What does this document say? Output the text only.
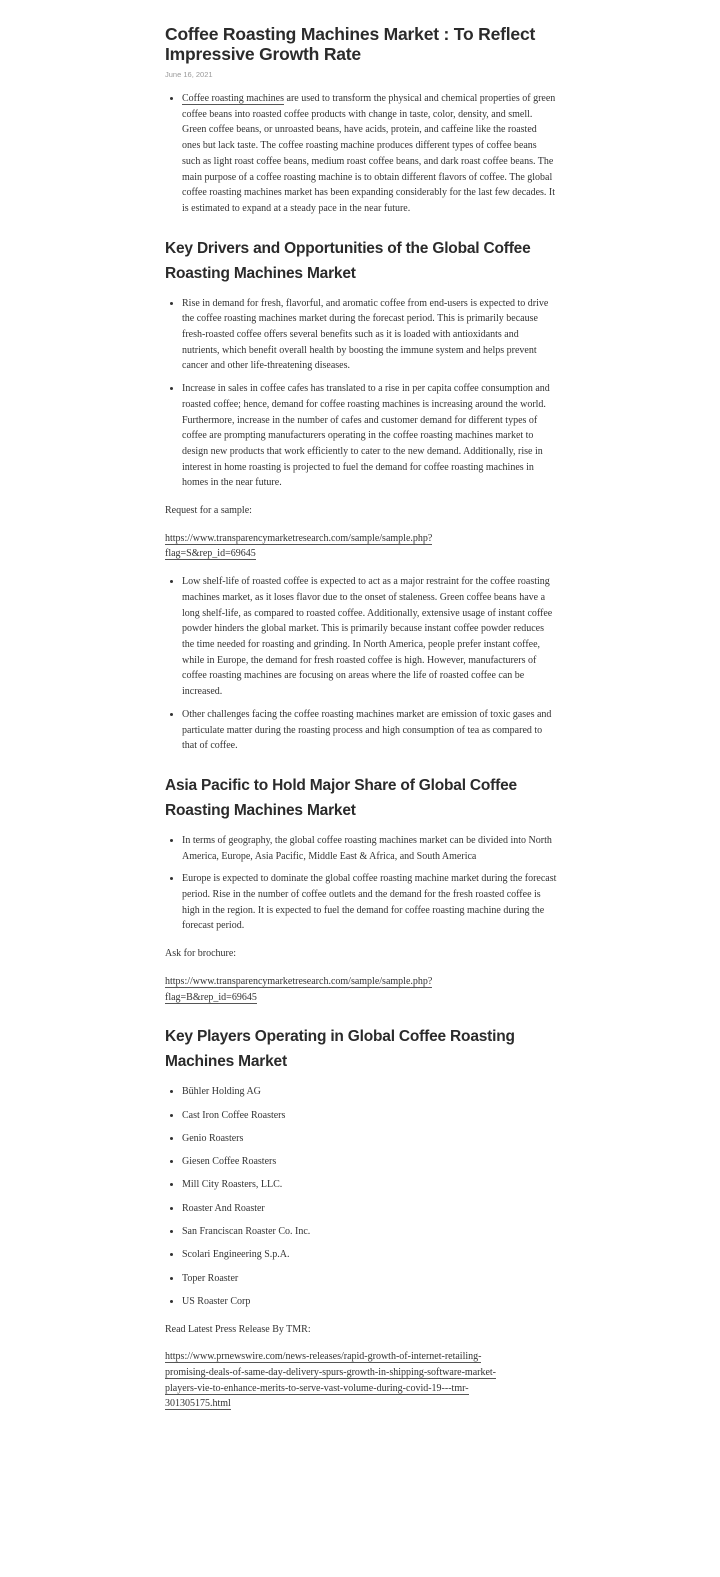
Coffee Roasting Machines Market : To Reflect Impressive Growth Rate
June 16, 2021
• Coffee roasting machines are used to transform the physical and chemical properties of green coffee beans into roasted coffee products with change in taste, color, density, and smell. Green coffee beans, or unroasted beans, have acids, protein, and caffeine like the roasted ones but lack taste. The coffee roasting machine produces different types of coffee beans such as light roast coffee beans, medium roast coffee beans, and dark roast coffee beans. The main purpose of a coffee roasting machine is to obtain different flavors of coffee. The global coffee roasting machines market has been expanding considerably for the last few decades. It is estimated to expand at a steady pace in the near future.
Key Drivers and Opportunities of the Global Coffee Roasting Machines Market
• Rise in demand for fresh, flavorful, and aromatic coffee from end-users is expected to drive the coffee roasting machines market during the forecast period. This is primarily because fresh-roasted coffee offers several benefits such as it is loaded with antioxidants and nutrients, which benefit overall health by boosting the immune system and helps prevent cancer and other life-threatening diseases.
• Increase in sales in coffee cafes has translated to a rise in per capita coffee consumption and roasted coffee; hence, demand for coffee roasting machines is increasing around the world. Furthermore, increase in the number of cafes and customer demand for different types of coffee are prompting manufacturers operating in the coffee roasting machines market to design new products that work efficiently to cater to the new demand. Additionally, rise in interest in home roasting is projected to fuel the demand for coffee roasting machines in homes in the near future.

Request for a sample:

https://www.transparencymarketresearch.com/sample/sample.php?
flag=S&rep_id=69645

• Low shelf-life of roasted coffee is expected to act as a major restraint for the coffee roasting machines market, as it loses flavor due to the onset of staleness. Green coffee beans have a long shelf-life, as compared to roasted coffee. Additionally, extensive usage of instant coffee powder hinders the global market. This is primarily because instant coffee powder reduces the time needed for roasting and grinding. In North America, people prefer instant coffee, while in Europe, the demand for fresh roasted coffee is high. However, manufacturers of coffee roasting machines are focusing on areas where the life of roasted coffee can be increased.
• Other challenges facing the coffee roasting machines market are emission of toxic gases and particulate matter during the roasting process and high consumption of tea as compared to that of coffee.
Asia Pacific to Hold Major Share of Global Coffee Roasting Machines Market
• In terms of geography, the global coffee roasting machines market can be divided into North America, Europe, Asia Pacific, Middle East & Africa, and South America
• Europe is expected to dominate the global coffee roasting machine market during the forecast period. Rise in the number of coffee outlets and the demand for the fresh roasted coffee is high in the region. It is expected to fuel the demand for coffee roasting machine during the forecast period.

Ask for brochure:

https://www.transparencymarketresearch.com/sample/sample.php?
flag=B&rep_id=69645

Key Players Operating in Global Coffee Roasting Machines Market
• Bühler Holding AG
• Cast Iron Coffee Roasters
• Genio Roasters
• Giesen Coffee Roasters
• Mill City Roasters, LLC.
• Roaster And Roaster
• San Franciscan Roaster Co. Inc.
• Scolari Engineering S.p.A.
• Toper Roaster
• US Roaster Corp

Read Latest Press Release By TMR:

https://www.prnewswire.com/news-releases/rapid-growth-of-internet-retailing-
promising-deals-of-same-day-delivery-spurs-growth-in-shipping-software-market-
players-vie-to-enhance-merits-to-serve-vast-volume-during-covid-19---tmr-
301305175.html
